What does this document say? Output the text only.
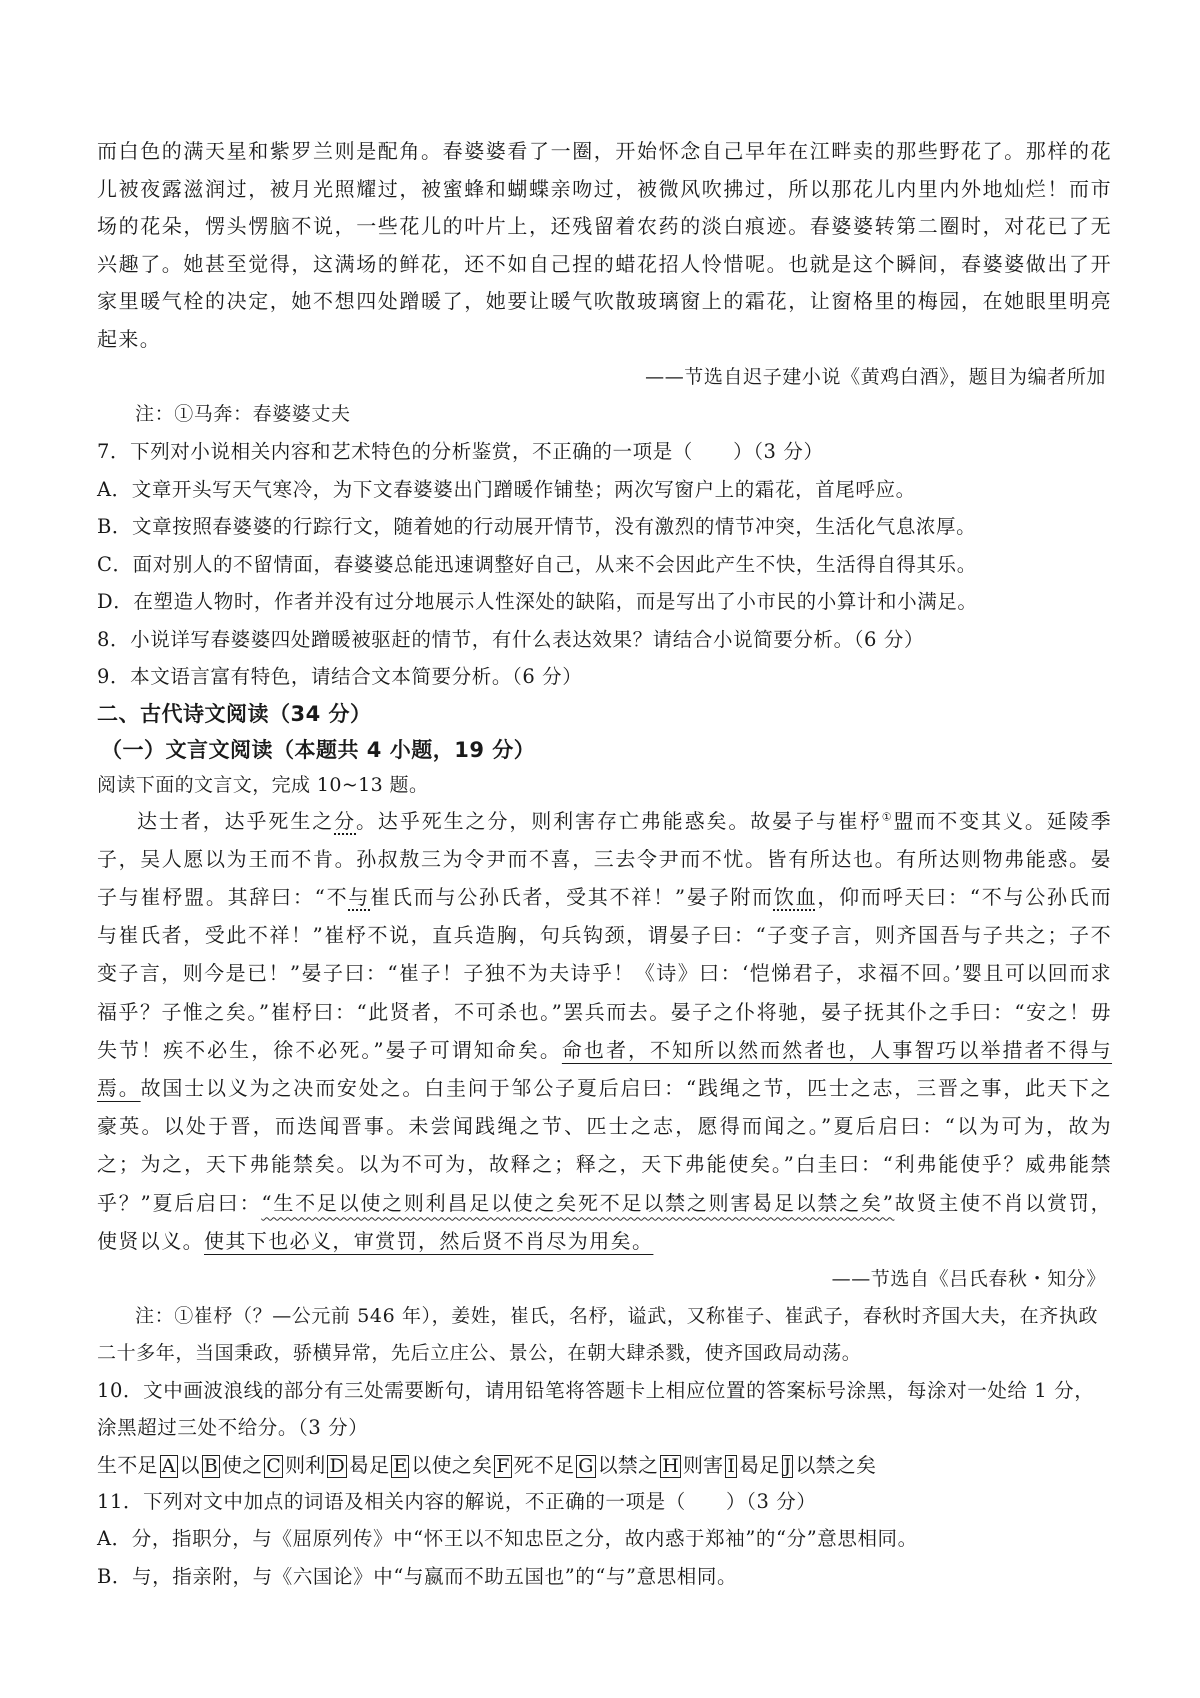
而白色的满天星和紫罗兰则是配角。春婆婆看了一圈，开始怀念自己早年在江畔卖的那些野花了。那样的花儿被夜露滋润过，被月光照耀过，被蜜蜂和蝴蝶亲吻过，被微风吹拂过，所以那花儿内里内外地灿烂！而市场的花朵，愣头愣脑不说，一些花儿的叶片上，还残留着农药的淡白痕迹。春婆婆转第二圈时，对花已了无兴趣了。她甚至觉得，这满场的鲜花，还不如自己捏的蜡花招人怜惜呢。也就是这个瞬间，春婆婆做出了开家里暖气栓的决定，她不想四处蹭暖了，她要让暖气吹散玻璃窗上的霜花，让窗格里的梅园，在她眼里明亮起来。

——节选自迟子建小说《黄鸡白酒》，题目为编者所加

注：①马奔：春婆婆丈夫

7．下列对小说相关内容和艺术特色的分析鉴赏，不正确的一项是（　　）（3 分）

A．文章开头写天气寒冷，为下文春婆婆出门蹭暖作铺垫；两次写窗户上的霜花，首尾呼应。

B．文章按照春婆婆的行踪行文，随着她的行动展开情节，没有激烈的情节冲突，生活化气息浓厚。

C．面对别人的不留情面，春婆婆总能迅速调整好自己，从来不会因此产生不快，生活得自得其乐。

D．在塑造人物时，作者并没有过分地展示人性深处的缺陷，而是写出了小市民的小算计和小满足。

8．小说详写春婆婆四处蹭暖被驱赶的情节，有什么表达效果？请结合小说简要分析。（6 分）

9．本文语言富有特色，请结合文本简要分析。（6 分）

二、古代诗文阅读（34 分）

（一）文言文阅读（本题共 4 小题，19 分）

阅读下面的文言文，完成 10~13 题。

达士者，达乎死生之分。达乎死生之分，则利害存亡弗能惑矣。故晏子与崔杼①盟而不变其义。延陵季子，吴人愿以为王而不肯。孙叔敖三为令尹而不喜，三去令尹而不忧。皆有所达也。有所达则物弗能惑。晏子与崔杼盟。其辞曰：“不与崔氏而与公孙氏者，受其不祥！”晏子附而饮血，仰而呼天曰：“不与公孙氏而与崔氏者，受此不祥！”崔杼不说，直兵造胸，句兵钩颈，谓晏子曰：“子变子言，则齐国吾与子共之；子不变子言，则今是已！”晏子曰：“崔子！子独不为夫诗乎！《诗》曰：‘恺悌君子，求福不回。’婴且可以回而求福乎？子惟之矣。”崔杼曰：“此贤者，不可杀也。”罢兵而去。晏子之仆将驰，晏子抚其仆之手曰：“安之！毋失节！疾不必生，徐不必死。”晏子可谓知命矣。命也者，不知所以然而然者也，人事智巧以举措者不得与焉。故国士以义为之决而安处之。白圭问于邹公子夏后启曰：“践绳之节，匹士之志，三晋之事，此天下之豪英。以处于晋，而迭闻晋事。未尝闻践绳之节、匹士之志，愿得而闻之。”夏后启曰：“以为可为，故为之；为之，天下弗能禁矣。以为不可为，故释之；释之，天下弗能使矣。”白圭曰：“利弗能使乎？威弗能禁乎？”夏后启曰：“生不足以使之则利昌足以使之矣死不足以禁之则害曷足以禁之矣”故贤主使不肖以赏罚，使贤以义。使其下也必义，审赏罚，然后贤不肖尽为用矣。

——节选自《吕氏春秋・知分》

注：①崔杼（？—公元前 546 年），姜姓，崔氏，名杼，谥武，又称崔子、崔武子，春秋时齐国大夫，在齐执政二十多年，当国秉政，骄横异常，先后立庄公、景公，在朝大肆杀戮，使齐国政局动荡。

10．文中画波浪线的部分有三处需要断句，请用铅笔将答题卡上相应位置的答案标号涂黑，每涂对一处给 1 分，涂黑超过三处不给分。（3 分）

生不足 A 以 B 使之 C 则利 D 曷足 E 以使之矣 F 死不足 G 以禁之 H 则害 I 曷足 J 以禁之矣

11．下列对文中加点的词语及相关内容的解说，不正确的一项是（　　）（3 分）

A．分，指职分，与《屈原列传》中“怀王以不知忠臣之分，故内惑于郑袖”的“分”意思相同。

B．与，指亲附，与《六国论》中“与嬴而不助五国也”的“与”意思相同。
